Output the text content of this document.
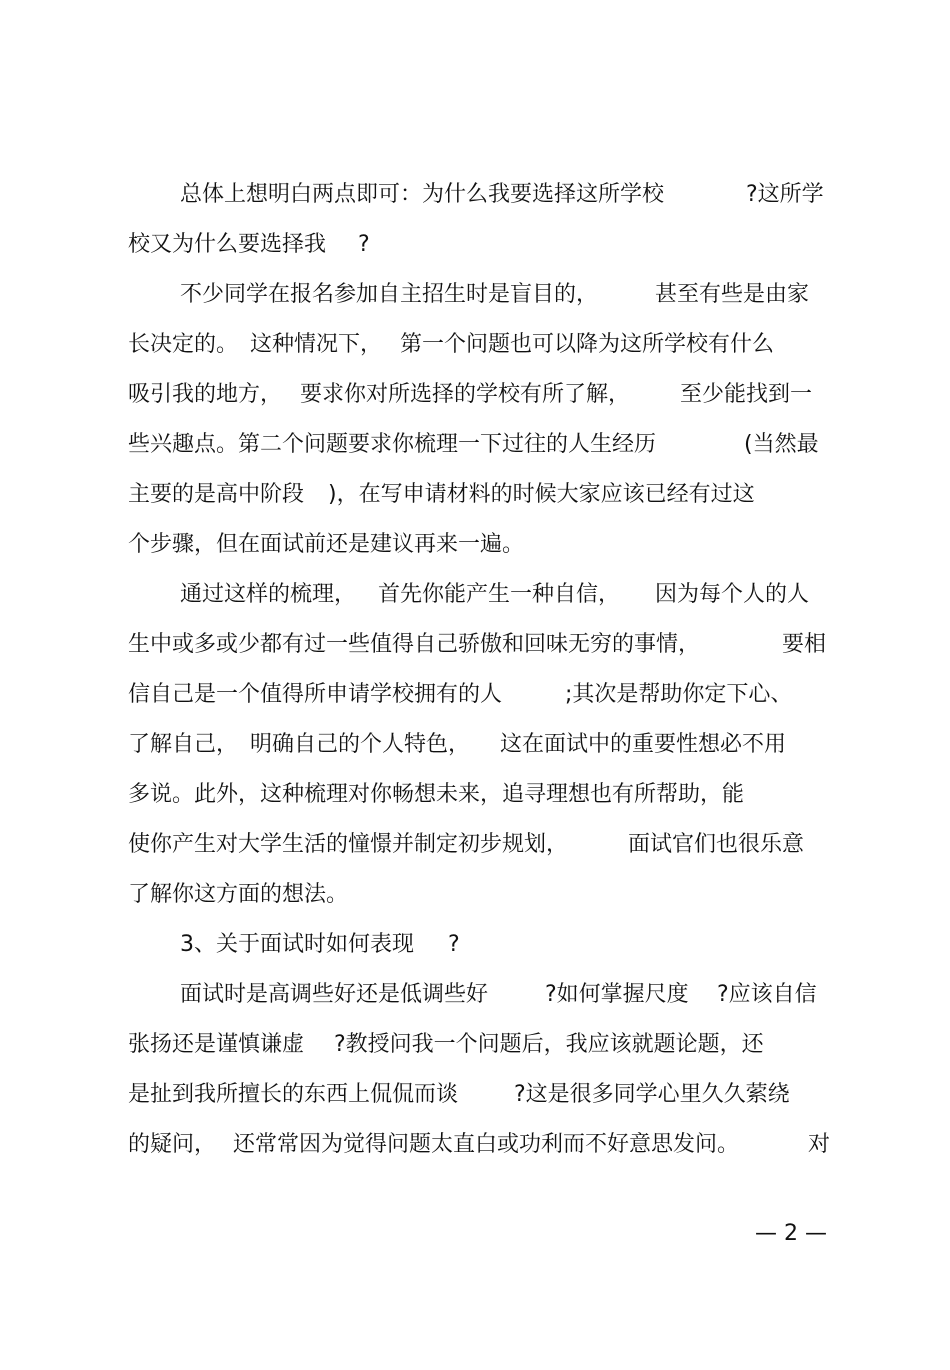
总体上想明白两点即可：为什么我要选择这所学校

	?这所学

校又为什么要选择我

?

不少同学在报名参加自主招生时是盲目的，

	甚至有些是由家

长决定的。

这种情况下，

第一个问题也可以降为这所学校有什么

吸引我的地方，

要求你对所选择的学校有所了解，

至少能找到一

些兴趣点。第二个问题要求你梳理一下过往的人生经历

	(当然最

主要的是高中阶段

)，在写申请材料的时候大家应该已经有过这

个步骤，但在面试前还是建议再来一遍。

通过这样的梳理，

首先你能产生一种自信，

因为每个人的人

生中或多或少都有过一些值得自己骄傲和回味无穷的事情，

	要相

信自己是一个值得所申请学校拥有的人

	;其次是帮助你定下心、

了解自己，

明确自己的个人特色，

这在面试中的重要性想必不用

多说。此外，这种梳理对你畅想未来，追寻理想也有所帮助，能

使你产生对大学生活的憧憬并制定初步规划，

	面试官们也很乐意

了解你这方面的想法。

3、关于面试时如何表现

?

面试时是高调些好还是低调些好

	?如何掌握尺度

?应该自信

张扬还是谨慎谦虚

?教授问我一个问题后，我应该就题论题，还

是扯到我所擅长的东西上侃侃而谈

	?这是很多同学心里久久萦绕

的疑问，

还常常因为觉得问题太直白或功利而不好意思发问。

	对

— 2 —
